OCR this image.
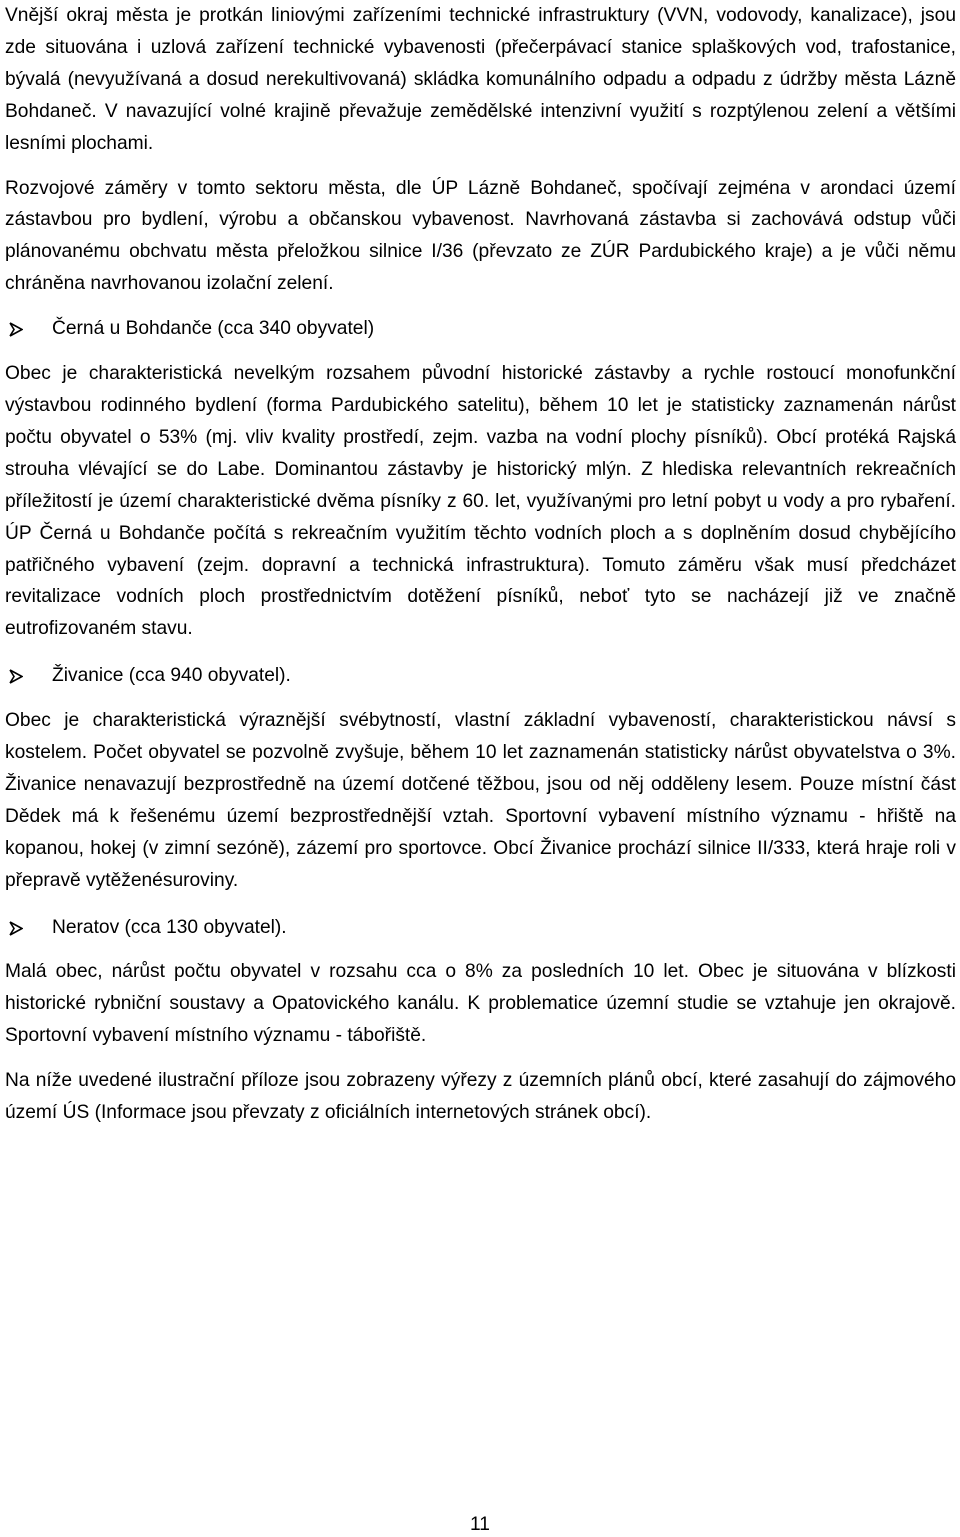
Vnější okraj města je protkán liniovými zařízeními technické infrastruktury (VVN, vodovody, kanalizace), jsou zde situována i uzlová zařízení technické vybavenosti (přečerpávací stanice splaškových vod, trafostanice, bývalá (nevyužívaná a dosud nerekultivovaná) skládka komunálního odpadu a odpadu z údržby města Lázně Bohdaneč. V navazující volné krajině převažuje zemědělské intenzivní využití s rozptýlenou zelení a většími lesními plochami.

Rozvojové záměry v tomto sektoru města, dle ÚP Lázně Bohdaneč, spočívají zejména v arondaci území zástavbou pro bydlení, výrobu a občanskou vybavenost. Navrhovaná zástavba si zachovává odstup vůči plánovanému obchvatu města přeložkou silnice I/36 (převzato ze ZÚR Pardubického kraje) a je vůči němu chráněna navrhovanou izolační zelení.

Černá u Bohdanče (cca 340 obyvatel)

Obec je charakteristická nevelkým rozsahem původní historické zástavby a rychle rostoucí monofunkční výstavbou rodinného bydlení (forma Pardubického satelitu), během 10 let je statisticky zaznamenán nárůst počtu obyvatel o 53% (mj. vliv kvality prostředí, zejm. vazba na vodní plochy písníků). Obcí protéká Rajská strouha vlévající se do Labe. Dominantou zástavby je historický mlýn. Z hlediska relevantních rekreačních příležitostí je území charakteristické dvěma písníky z 60. let, využívanými pro letní pobyt u vody a pro rybaření. ÚP Černá u Bohdanče počítá s rekreačním využitím těchto vodních ploch a s doplněním dosud chybějícího patřičného vybavení (zejm. dopravní a technická infrastruktura). Tomuto záměru však musí předcházet revitalizace vodních ploch prostřednictvím dotěžení písníků, neboť tyto se nacházejí již ve značně eutrofizovaném stavu.

Živanice (cca 940 obyvatel).

Obec je charakteristická výraznější svébytností, vlastní základní vybaveností, charakteristickou návsí s kostelem. Počet obyvatel se pozvolně zvyšuje, během 10 let zaznamenán statisticky nárůst obyvatelstva o 3%. Živanice nenavazují bezprostředně na území dotčené těžbou, jsou od něj odděleny lesem. Pouze místní část Dědek má k řešenému území bezprostřednější vztah. Sportovní vybavení místního významu - hřiště na kopanou, hokej (v zimní sezóně), zázemí pro sportovce. Obcí Živanice prochází silnice II/333, která hraje roli v přepravě vytěženésuroviny.

Neratov (cca 130 obyvatel).

Malá obec, nárůst počtu obyvatel v rozsahu cca o 8% za posledních 10 let. Obec je situována v blízkosti historické rybniční soustavy a Opatovického kanálu. K problematice územní studie se vztahuje jen okrajově. Sportovní vybavení místního významu - tábořiště.

Na níže uvedené ilustrační příloze jsou zobrazeny výřezy z územních plánů obcí, které zasahují do zájmového území ÚS (Informace jsou převzaty z oficiálních internetových stránek obcí).

11
